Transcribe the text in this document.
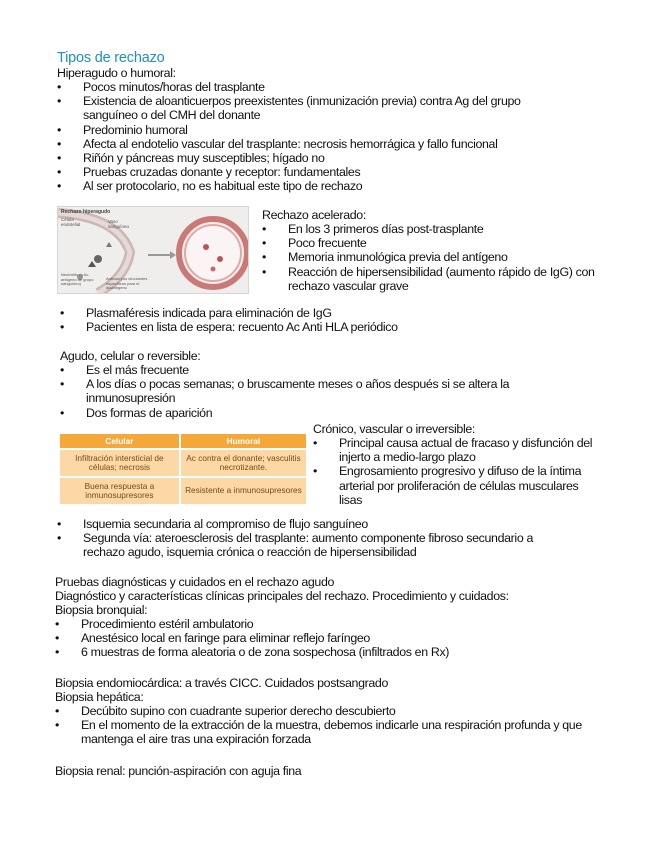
Tipos de rechazo
Hiperagudo o humoral:
• Pocos minutos/horas del trasplante
• Existencia de aloanticuerpos preexistentes (inmunización previa) contra Ag del grupo sanguíneo o del CMH del donante
• Predominio humoral
• Afecta al endotelio vascular del trasplante: necrosis hemorrágica y fallo funcional
• Riñón y páncreas muy susceptibles; hígado no
• Pruebas cruzadas donante y receptor: fundamentales
• Al ser protocolario, no es habitual este tipo de rechazo
Rechazo hiperagudo
Célula endotelial
Vaso sanguíneo
Neutrófilo (o Ac. antígeno de grupo sanguíneo)
Anticuerpos circulantes específicos para el aloantígeno
Rechazo acelerado:
• En los 3 primeros días post-trasplante
• Poco frecuente
• Memoria inmunológica previa del antígeno
• Reacción de hipersensibilidad (aumento rápido de IgG) con rechazo vascular grave
• Plasmaféresis indicada para eliminación de IgG
• Pacientes en lista de espera: recuento Ac Anti HLA periódico
Agudo, celular o reversible:
• Es el más frecuente
• A los días o pocas semanas; o bruscamente meses o años después si se altera la inmunosupresión
• Dos formas de aparición
Celular	Humoral
Infiltración intersticial de células; necrosis	Ac contra el donante; vasculitis necrotizante.
Buena respuesta a inmunosupresores	Resistente a inmunosupresores
Crónico, vascular o irreversible:
• Principal causa actual de fracaso y disfunción del injerto a medio-largo plazo
• Engrosamiento progresivo y difuso de la íntima arterial por proliferación de células musculares lisas
• Isquemia secundaria al compromiso de flujo sanguíneo
• Segunda vía: ateroesclerosis del trasplante: aumento componente fibroso secundario a rechazo agudo, isquemia crónica o reacción de hipersensibilidad
Pruebas diagnósticas y cuidados en el rechazo agudo
Diagnóstico y características clínicas principales del rechazo. Procedimiento y cuidados:
Biopsia bronquial:
• Procedimiento estéril ambulatorio
• Anestésico local en faringe para eliminar reflejo faríngeo
• 6 muestras de forma aleatoria o de zona sospechosa (infiltrados en Rx)
Biopsia endomiocárdica: a través CICC. Cuidados postsangrado
Biopsia hepática:
• Decúbito supino con cuadrante superior derecho descubierto
• En el momento de la extracción de la muestra, debemos indicarle una respiración profunda y que mantenga el aire tras una expiración forzada
Biopsia renal: punción-aspiración con aguja fina
